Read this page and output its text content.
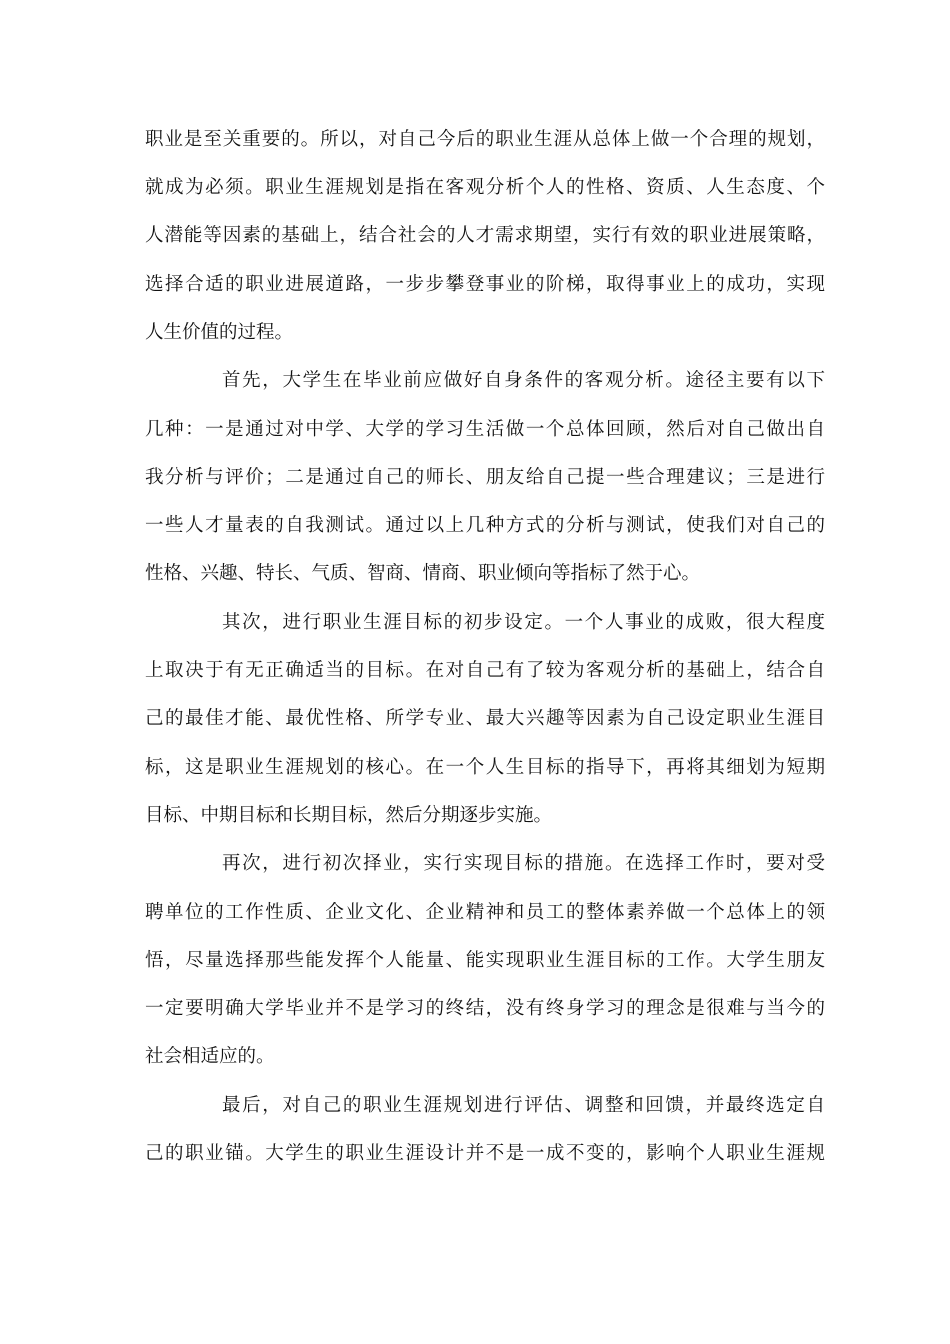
职业是至关重要的。所以，对自己今后的职业生涯从总体上做一个合理的规划，

就成为必须。职业生涯规划是指在客观分析个人的性格、资质、人生态度、个

人潜能等因素的基础上，结合社会的人才需求期望，实行有效的职业进展策略，

选择合适的职业进展道路，一步步攀登事业的阶梯，取得事业上的成功，实现

人生价值的过程。

首先，大学生在毕业前应做好自身条件的客观分析。途径主要有以下

几种：一是通过对中学、大学的学习生活做一个总体回顾，然后对自己做出自

我分析与评价；二是通过自己的师长、朋友给自己提一些合理建议；三是进行

一些人才量表的自我测试。通过以上几种方式的分析与测试，使我们对自己的

性格、兴趣、特长、气质、智商、情商、职业倾向等指标了然于心。

其次，进行职业生涯目标的初步设定。一个人事业的成败，很大程度

上取决于有无正确适当的目标。在对自己有了较为客观分析的基础上，结合自

己的最佳才能、最优性格、所学专业、最大兴趣等因素为自己设定职业生涯目

标，这是职业生涯规划的核心。在一个人生目标的指导下，再将其细划为短期

目标、中期目标和长期目标，然后分期逐步实施。

再次，进行初次择业，实行实现目标的措施。在选择工作时，要对受

聘单位的工作性质、企业文化、企业精神和员工的整体素养做一个总体上的领

悟，尽量选择那些能发挥个人能量、能实现职业生涯目标的工作。大学生朋友

一定要明确大学毕业并不是学习的终结，没有终身学习的理念是很难与当今的

社会相适应的。

最后，对自己的职业生涯规划进行评估、调整和回馈，并最终选定自

己的职业锚。大学生的职业生涯设计并不是一成不变的，影响个人职业生涯规
